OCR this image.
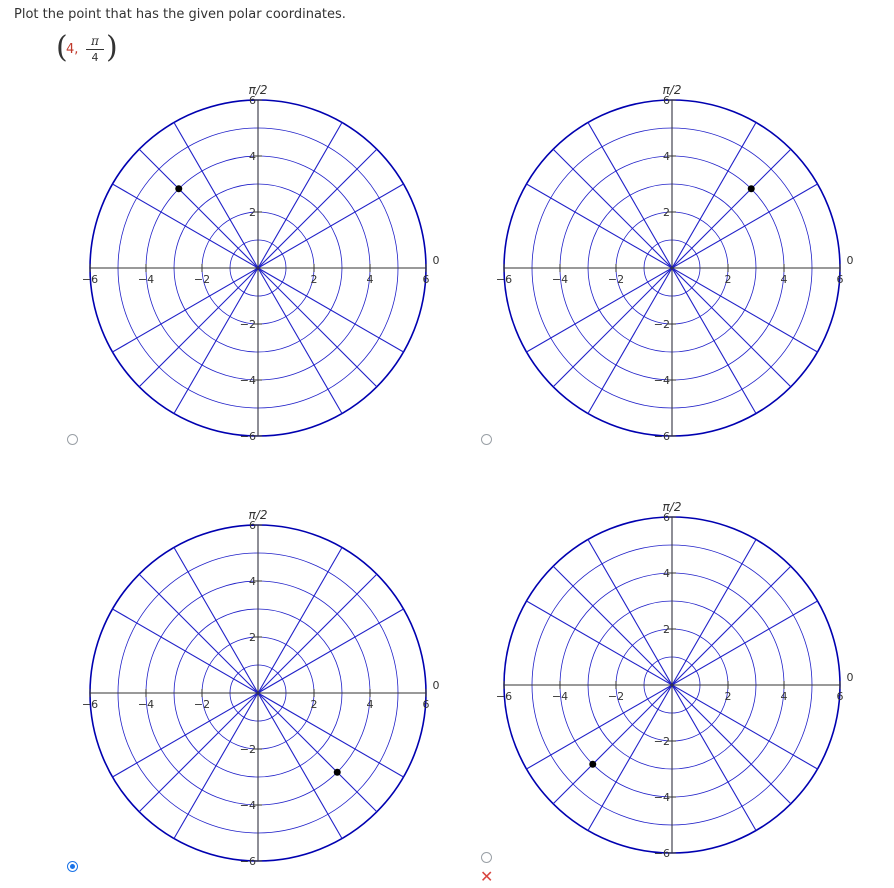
Plot the point that has the given polar coordinates.
(
4,
π
4 )
−6	−4	−2	2	4	6
6
4
2
−2
−4
−6
π/2
0
−6	−4	−2	2	4	6
6
4
2
−2
−4
−6
π/2
0
−6	−4	−2	2	4	6
6
4
2
−2
−4
−6
π/2
0
−6	−4	−2	2	4	6
6
4
2
−2
−4
−6
π/2
0
✕
